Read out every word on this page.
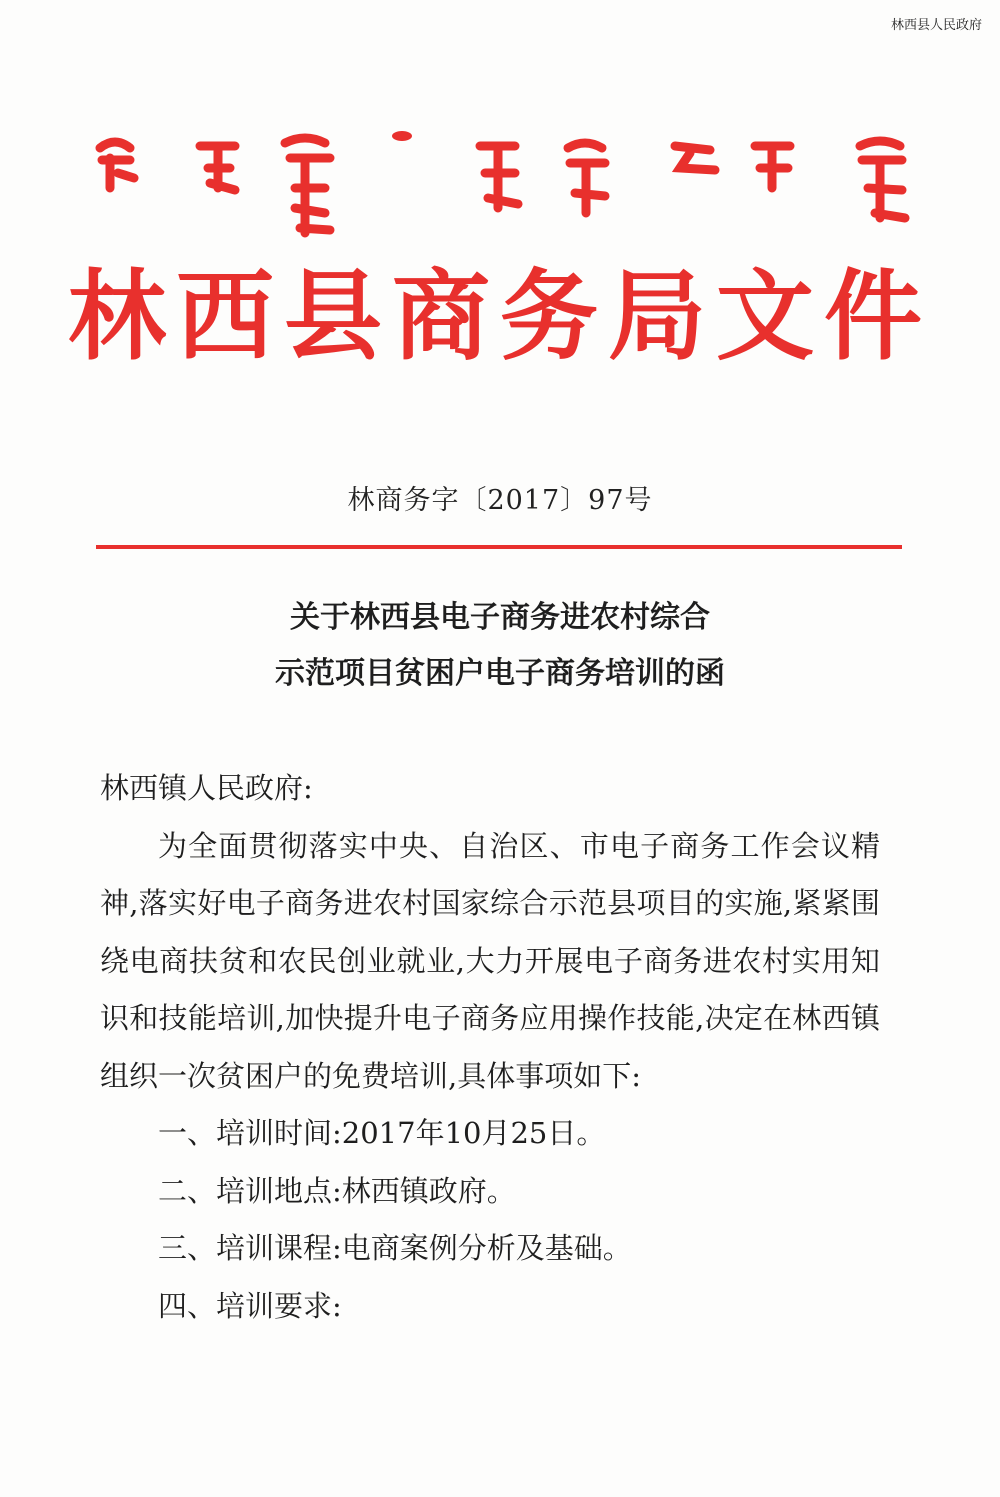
林西县人民政府
林西县商务局文件
林商务字〔2017〕97号
关于林西县电子商务进农村综合
示范项目贫困户电子商务培训的函

林西镇人民政府:

为全面贯彻落实中央、自治区、市电子商务工作会议精神,落实好电子商务进农村国家综合示范县项目的实施,紧紧围绕电商扶贫和农民创业就业,大力开展电子商务进农村实用知识和技能培训,加快提升电子商务应用操作技能,决定在林西镇组织一次贫困户的免费培训,具体事项如下:

一、培训时间:2017年10月25日。

二、培训地点:林西镇政府。

三、培训课程:电商案例分析及基础。

四、培训要求:
